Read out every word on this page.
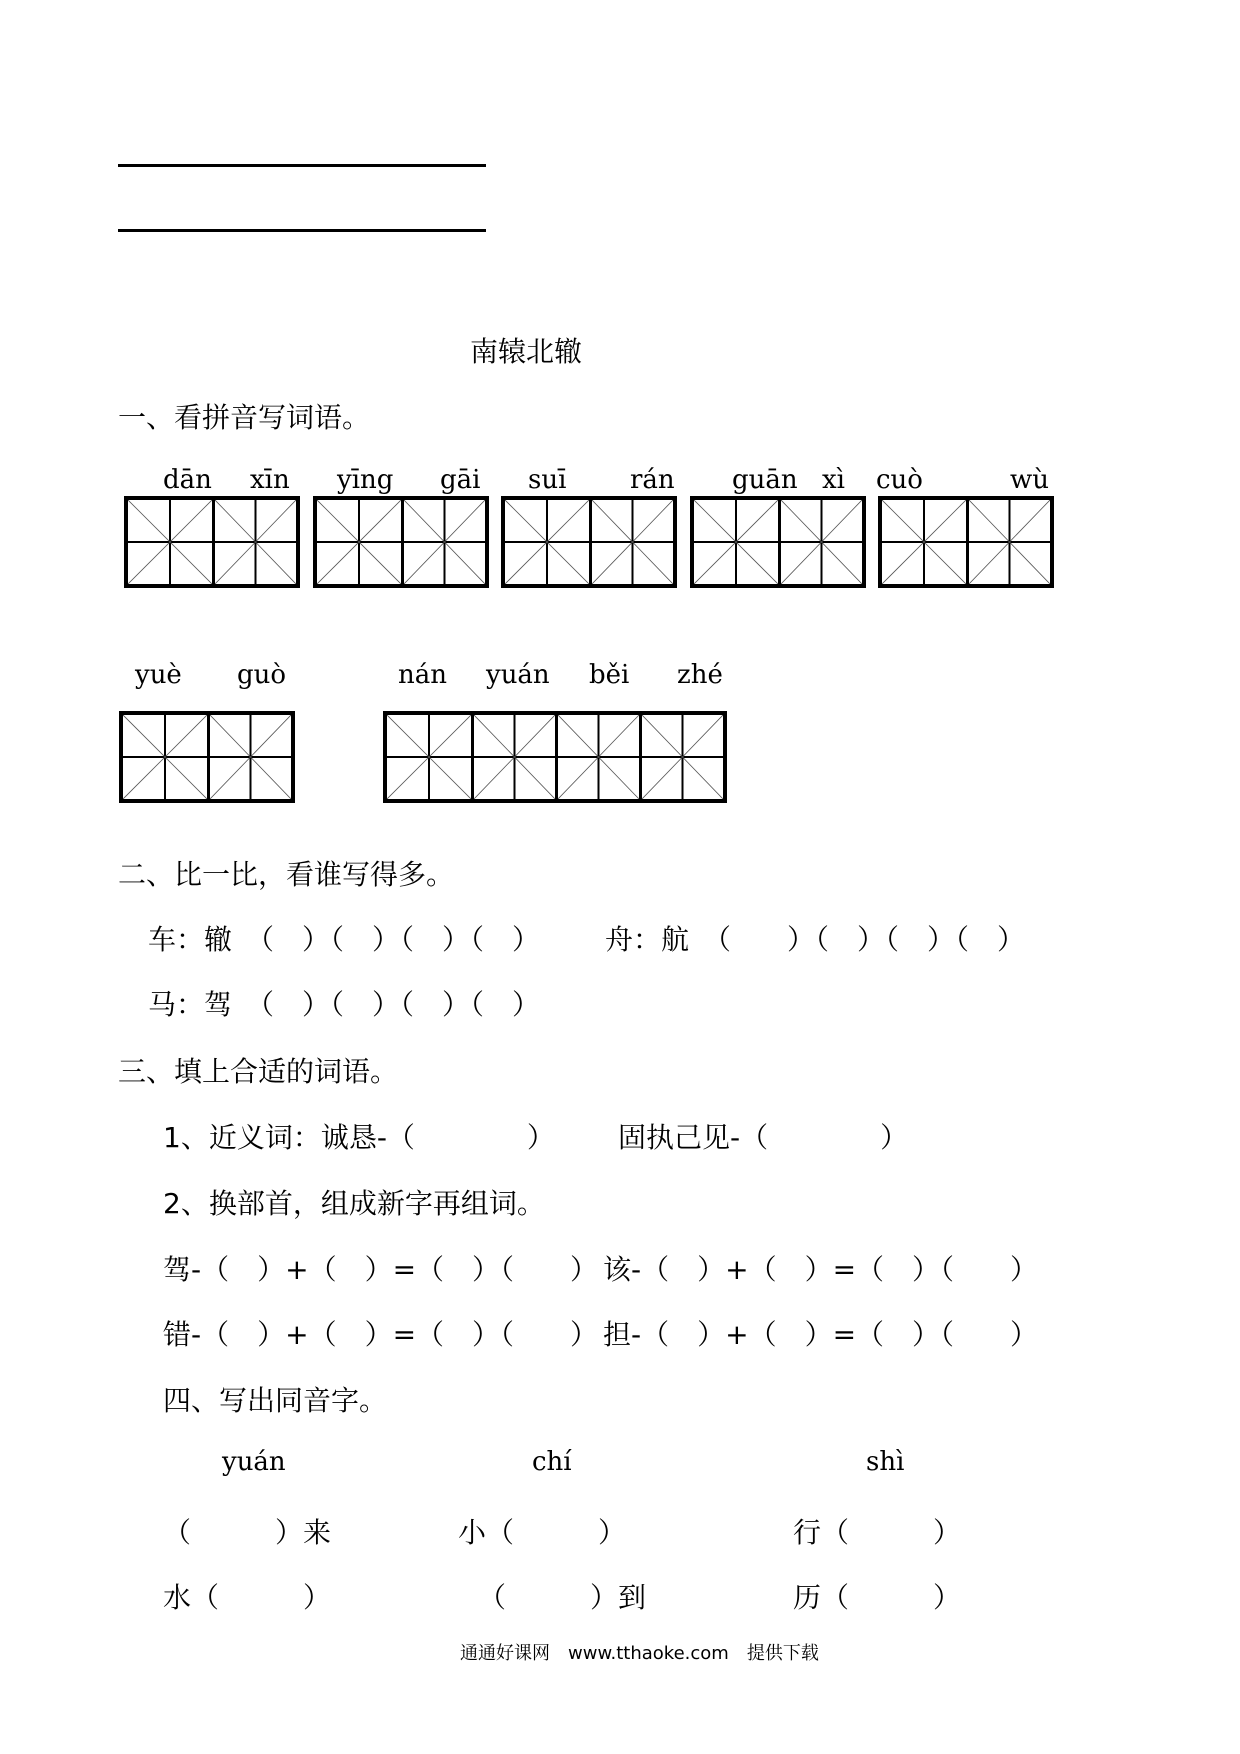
南辕北辙
一、看拼音写词语。
dān xīn yīng gāi suī rán guān xì cuò	wù
yuè guò	nán yuán běi zhé
二、比一比，看谁写得多。
车：辙　（　）（　）（　）（　） 舟：航　（　　）（　）（　）（　）
马：驾　（　）（　）（　）（　）
三、填上合适的词语。
1、近义词：诚恳-（　　　　） 固执己见-（　　　　）
2、换部首，组成新字再组词。
驾-（　）+（　）=（　）（　　） 该-（　）+（　）=（　）（　　）
错-（　）+（　）=（　）（　　） 担-（　）+（　）=（　）（　　）
四、写出同音字。
yuán	chí	shì
（　　　）来	小（　　　）	行（　　　）
水（　　　）	（　　　）到	历（　　　）
通通好课网　www.tthaoke.com　提供下载
